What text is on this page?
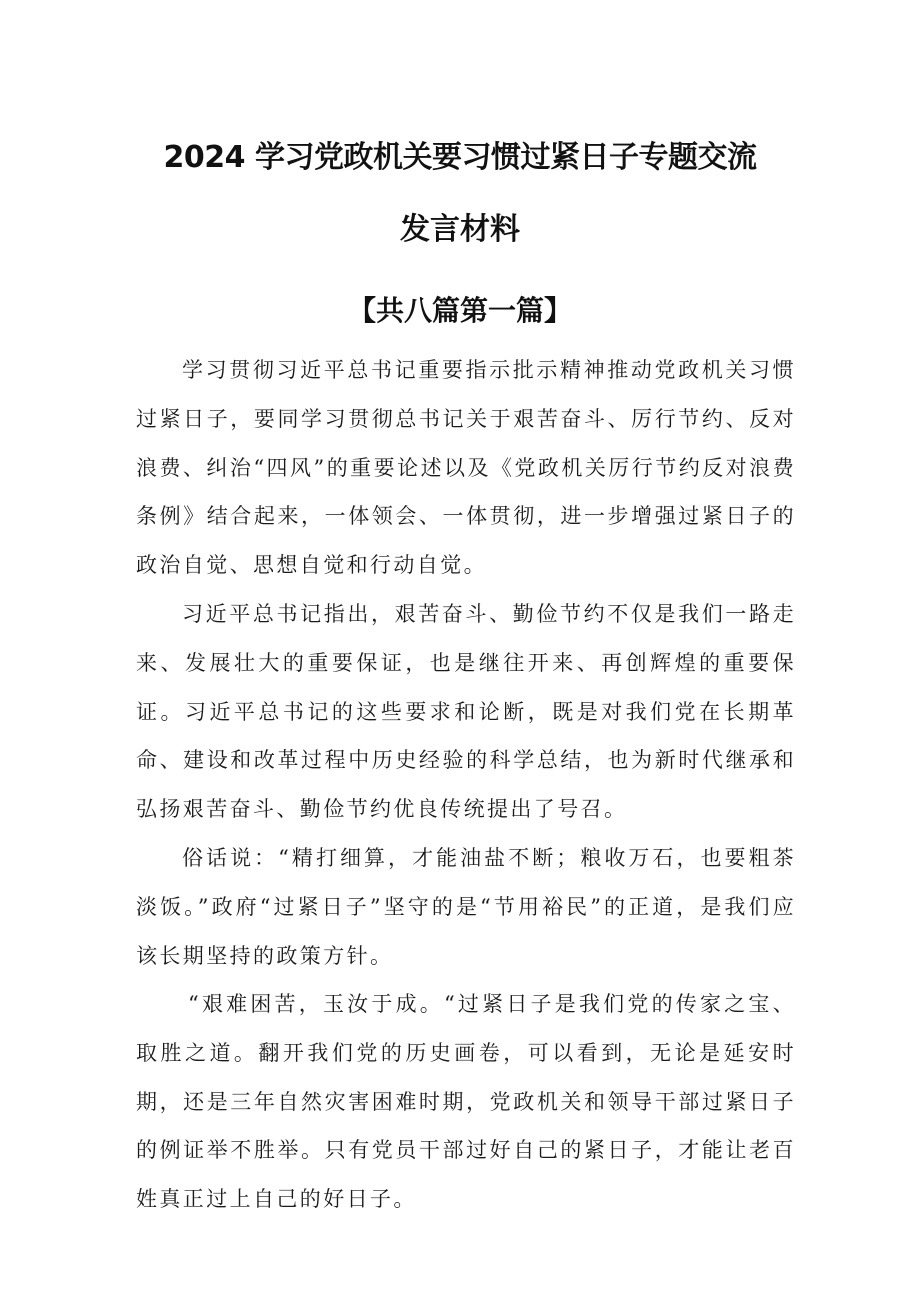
2024 学习党政机关要习惯过紧日子专题交流
发言材料
【共八篇第一篇】

学习贯彻习近平总书记重要指示批示精神推动党政机关习惯过紧日子，要同学习贯彻总书记关于艰苦奋斗、厉行节约、反对浪费、纠治“四风”的重要论述以及《党政机关厉行节约反对浪费条例》结合起来，一体领会、一体贯彻，进一步增强过紧日子的政治自觉、思想自觉和行动自觉。

习近平总书记指出，艰苦奋斗、勤俭节约不仅是我们一路走来、发展壮大的重要保证，也是继往开来、再创辉煌的重要保证。习近平总书记的这些要求和论断，既是对我们党在长期革命、建设和改革过程中历史经验的科学总结，也为新时代继承和弘扬艰苦奋斗、勤俭节约优良传统提出了号召。

俗话说：“精打细算，才能油盐不断；粮收万石，也要粗茶淡饭。”政府“过紧日子”坚守的是“节用裕民”的正道，是我们应该长期坚持的政策方针。

“艰难困苦，玉汝于成。“过紧日子是我们党的传家之宝、取胜之道。翻开我们党的历史画卷，可以看到，无论是延安时期，还是三年自然灾害困难时期，党政机关和领导干部过紧日子的例证举不胜举。只有党员干部过好自己的紧日子，才能让老百姓真正过上自己的好日子。
